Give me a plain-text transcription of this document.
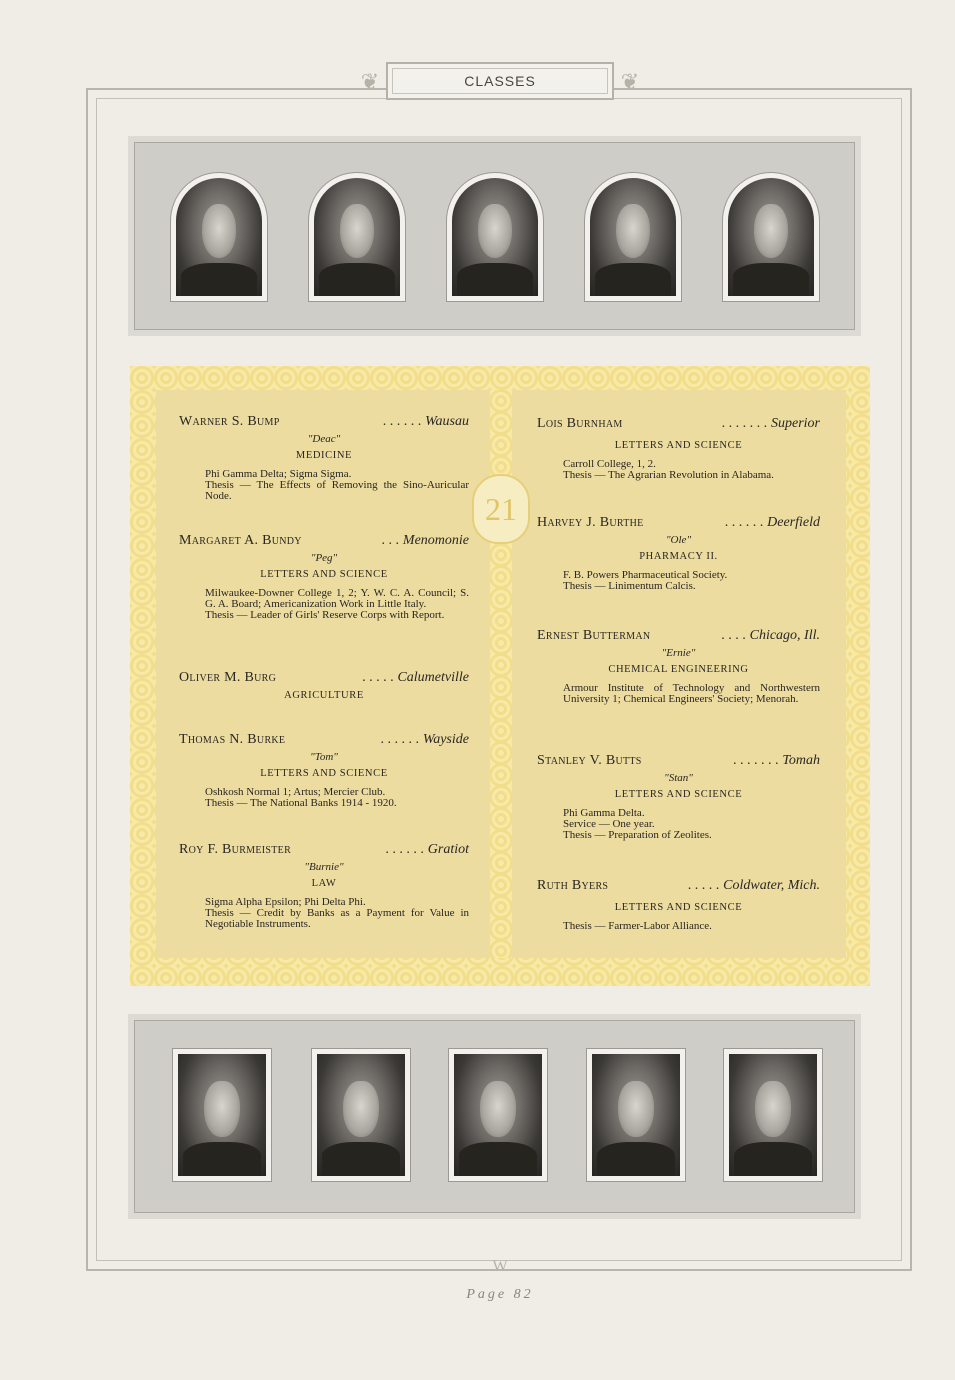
❦	CLASSES	❦
21
Warner S. Bump	. . . . . . Wausau
"Deac"
MEDICINE
Phi Gamma Delta; Sigma Sigma.
Thesis — The Effects of Removing the Sino-Auricular Node.
Margaret A. Bundy	. . . Menomonie
"Peg"
LETTERS AND SCIENCE
Milwaukee-Downer College 1, 2; Y. W. C. A. Council; S. G. A. Board; Americanization Work in Little Italy.
Thesis — Leader of Girls' Reserve Corps with Report.
Oliver M. Burg	. . . . . Calumetville
AGRICULTURE
Thomas N. Burke	. . . . . . Wayside
"Tom"
LETTERS AND SCIENCE
Oshkosh Normal 1; Artus; Mercier Club.
Thesis — The National Banks 1914 - 1920.
Roy F. Burmeister	. . . . . . Gratiot
"Burnie"
LAW
Sigma Alpha Epsilon; Phi Delta Phi.
Thesis — Credit by Banks as a Payment for Value in Negotiable Instruments.
Lois Burnham	. . . . . . . Superior
LETTERS AND SCIENCE
Carroll College, 1, 2.
Thesis — The Agrarian Revolution in Alabama.
Harvey J. Burthe	. . . . . . Deerfield
"Ole"
PHARMACY II.
F. B. Powers Pharmaceutical Society.
Thesis — Linimentum Calcis.
Ernest Butterman	. . . . Chicago, Ill.
"Ernie"
CHEMICAL ENGINEERING
Armour Institute of Technology and Northwestern University 1; Chemical Engineers' Society; Menorah.
Stanley V. Butts	. . . . . . . Tomah
"Stan"
LETTERS AND SCIENCE
Phi Gamma Delta.
Service — One year.
Thesis — Preparation of Zeolites.
Ruth Byers	. . . . . Coldwater, Mich.
LETTERS AND SCIENCE
Thesis — Farmer-Labor Alliance.
W
Page 82
